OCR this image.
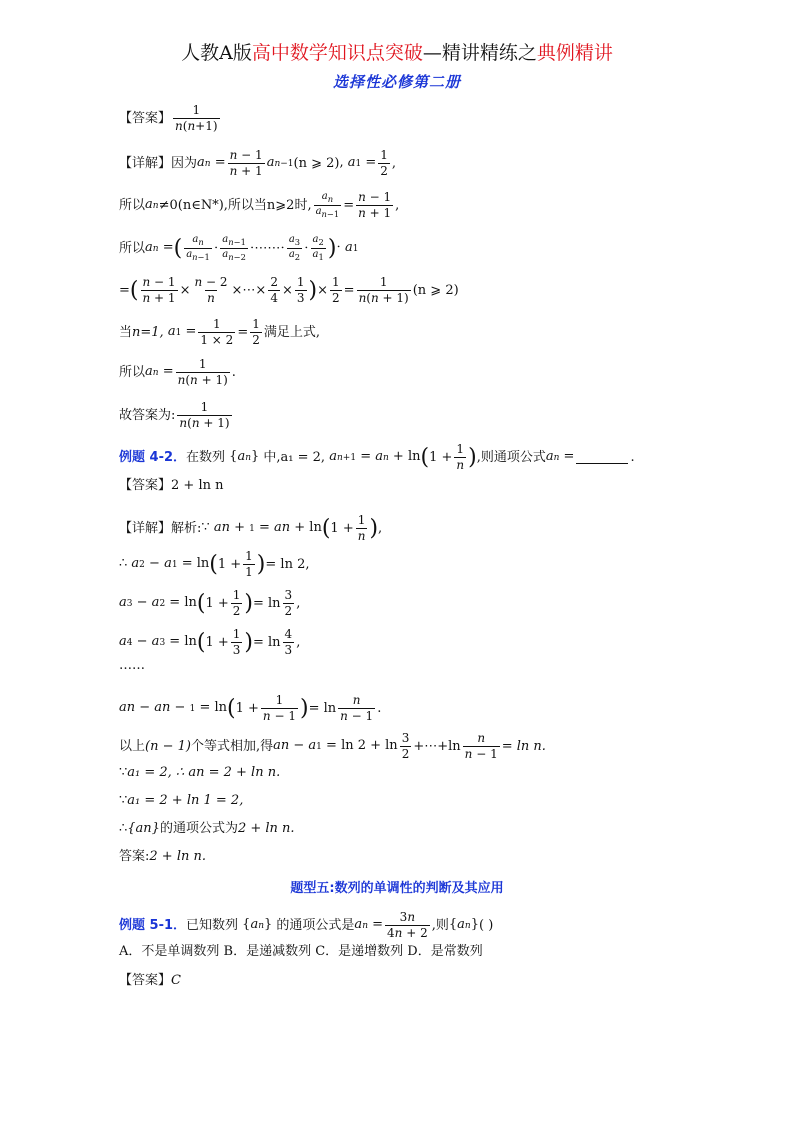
人教A版高中数学知识点突破—精讲精练之典例精讲
选择性必修第二册
【答案】 $\frac{1}{n(n+1)}$
【详解】 因为 an = $\frac{n - 1}{n + 1} an-1$ (n ⩾ 2) , $a1 = \frac{1}{2}$ ,
所以 an ≠0 (n∈N*) ,所以当 n⩾2时, $\frac{a_n}{a_{n-1}} = \frac{n - 1}{n + 1}$ ,
所以 an = ( $\frac{a_n}{a_{n-1}} \cdot \frac{a_{n-1}}{a_{n-2}}$ ⋅⋯⋯⋅ $\frac{a_3}{a_2} \cdot \frac{a_2}{a_1}$ ) ⋅ a1
= ( $\frac{n - 1}{n + 1} \times \frac{n - 2}{n}$ ×⋯× $\frac{2}{4} \times \frac{1}{3}$ ) × $\frac{1}{2} = \frac{1}{n(n + 1)} (n$ ⩾ 2)
当 n=1, $a1 = \frac{1}{1 \times 2} = \frac{1}{2}$ 满足上式,
所以 an = $\frac{1}{n(n + 1)}$ .
故答案为: $\frac{1}{n(n + 1)}$
例题 4-2． 在数列 {an} 中, a₁ = 2, an+1 = an + ln ( $1 + \frac{1}{n}$ ) ,则通项公式 an =	.
【答案】 2 + ln n
【详解】 解析: ∵ an + 1 = an + ln ( $1 + \frac{1}{n}$ ) ,
∴ a2 − a1 = ln ( $1 + \frac{1}{1}$ ) = ln 2,
a3 − a2 = ln ( $1 + \frac{1}{2}$ ) = $\ln \frac{3}{2}$ ,
a4 − a3 = ln ( $1 + \frac{1}{3}$ ) = $\ln \frac{4}{3}$ ,
……
an − an − 1 = ln ( $1 + \frac{1}{n - 1}$ ) = $\ln \frac{n}{n - 1}$ .
以上 (n − 1) 个等式相加,得 an − $a1 = \ln 2 + \ln \frac{3}{2}$ +⋯+ln $\frac{n}{n - 1} = \ln n$.
∵ a₁ = 2 , ∴ an = 2 + ln n.
∵ a₁ = 2 + ln 1 = 2,
∴ {an} 的通项公式为 2 + ln n.
答案: 2 + ln n.
例题 5-1． 已知数列 {an} 的通项公式是 an = $\frac{3n}{4n + 2}$ ,则 {an} ( )
A．不是单调数列 B．是递减数列 C．是递增数列 D．是常数列
【答案】 C
题型五:数列的单调性的判断及其应用
